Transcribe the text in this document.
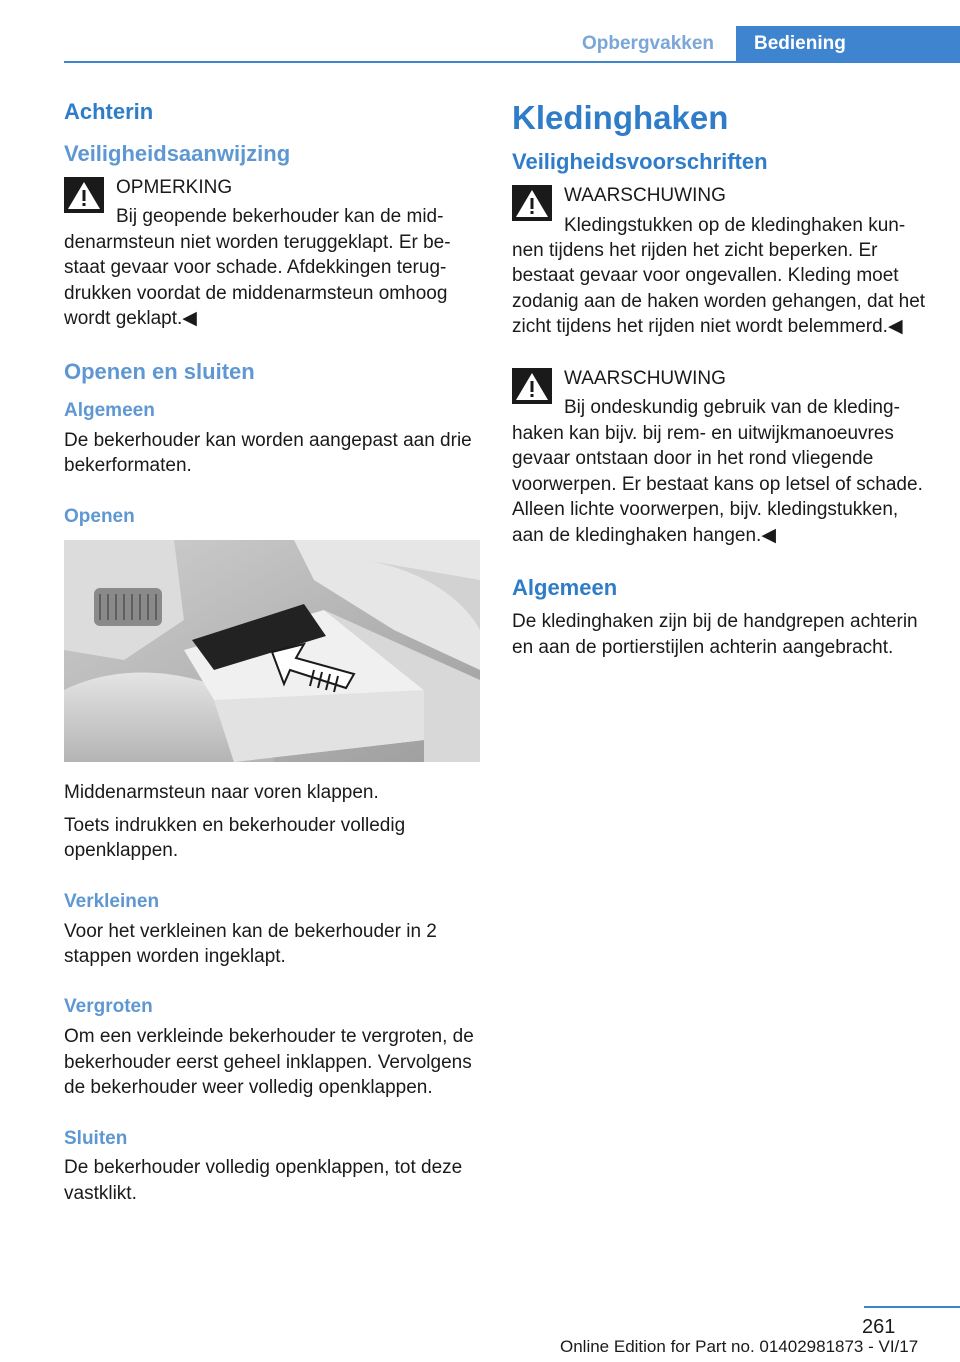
Opbergvakken	Bediening
Achterin
Veiligheidsaanwijzing

OPMERKING

Bij geopende bekerhouder kan de middenarmsteun niet worden teruggeklapt. Er bestaat gevaar voor schade. Afdekkingen terugdrukken voordat de middenarmsteun omhoog wordt geklapt.◀

Openen en sluiten
Algemeen

De bekerhouder kan worden aangepast aan drie bekerformaten.

Openen

Middenarmsteun naar voren klappen.

Toets indrukken en bekerhouder volledig openklappen.

Verkleinen

Voor het verkleinen kan de bekerhouder in 2 stappen worden ingeklapt.

Vergroten

Om een verkleinde bekerhouder te vergroten, de bekerhouder eerst geheel inklappen. Vervolgens de bekerhouder weer volledig openklappen.

Sluiten

De bekerhouder volledig openklappen, tot deze vastklikt.

Kledinghaken
Veiligheidsvoorschriften

WAARSCHUWING

Kledingstukken op de kledinghaken kunnen tijdens het rijden het zicht beperken. Er bestaat gevaar voor ongevallen. Kleding moet zodanig aan de haken worden gehangen, dat het zicht tijdens het rijden niet wordt belemmerd.◀

WAARSCHUWING

Bij ondeskundig gebruik van de kledinghaken kan bijv. bij rem- en uitwijkmanoeuvres gevaar ontstaan door in het rond vliegende voorwerpen. Er bestaat kans op letsel of schade. Alleen lichte voorwerpen, bijv. kledingstukken, aan de kledinghaken hangen.◀

Algemeen

De kledinghaken zijn bij de handgrepen achterin en aan de portierstijlen achterin aangebracht.

261
Online Edition for Part no. 01402981873 - VI/17
